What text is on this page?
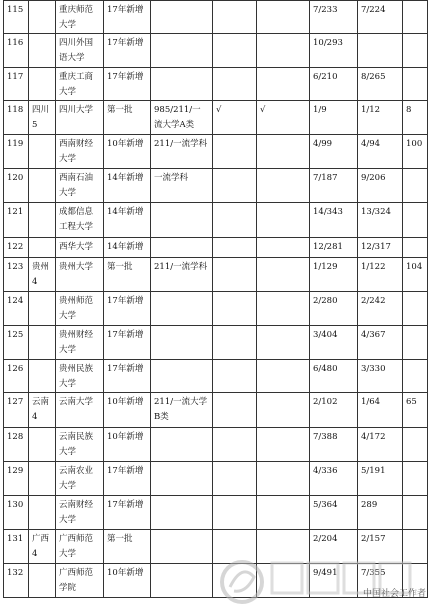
115		重庆师范大学	17年新增				7/233	7/224	
116		四川外国语大学	17年新增				10/293		
117		重庆工商大学	17年新增				6/210	8/265	
118	四川5	四川大学	第一批	985/211/一流大学A类	√	√	1/9	1/12	8
119		西南财经大学	10年新增	211/一流学科			4/99	4/94	100
120		西南石油大学	14年新增	一流学科			7/187	9/206	
121		成都信息工程大学	14年新增				14/343	13/324	
122		西华大学	14年新增				12/281	12/317	
123	贵州4	贵州大学	第一批	211/一流学科			1/129	1/122	104
124		贵州师范大学	17年新增				2/280	2/242	
125		贵州财经大学	17年新增				3/404	4/367	
126		贵州民族大学	17年新增				6/480	3/330	
127	云南4	云南大学	10年新增	211/一流大学B类			2/102	1/64	65
128		云南民族大学	10年新增				7/388	4/172	
129		云南农业大学	17年新增				4/336	5/191	
130		云南财经大学	17年新增				5/364	289	
131	广西4	广西师范大学	第一批				2/204	2/157	
132		广西师范学院	10年新增				9/491	7/355	
中国社会工作者
